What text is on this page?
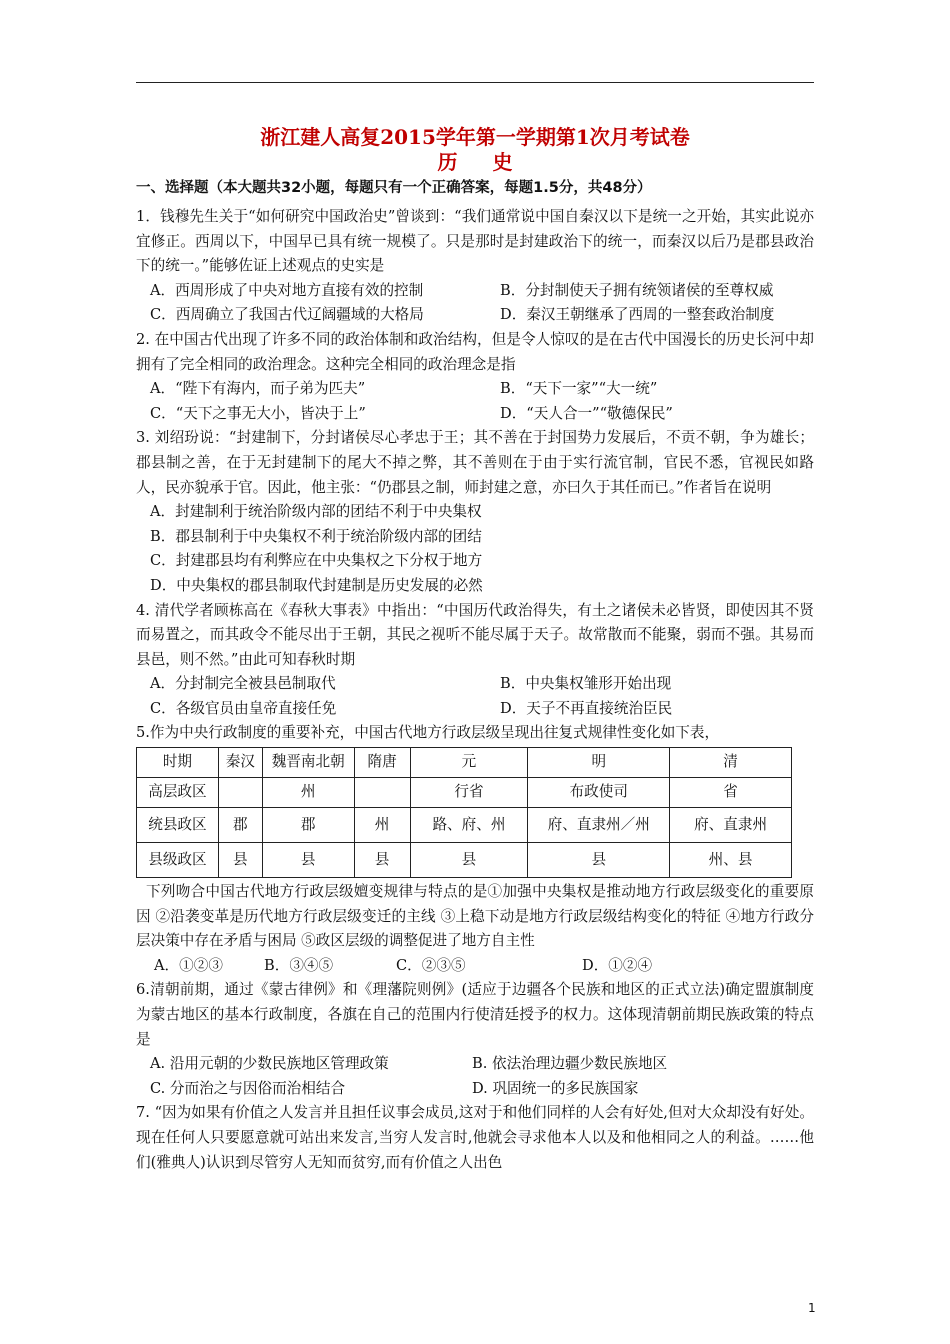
浙江建人高复2015学年第一学期第1次月考试卷
历 史
一、选择题（本大题共32小题，每题只有一个正确答案，每题1.5分，共48分）
1．钱穆先生关于“如何研究中国政治史”曾谈到：“我们通常说中国自秦汉以下是统一之开始，其实此说亦宜修正。西周以下，中国早已具有统一规模了。只是那时是封建政治下的统一，而秦汉以后乃是郡县政治下的统一。”能够佐证上述观点的史实是
A．西周形成了中央对地方直接有效的控制	B．分封制使天子拥有统领诸侯的至尊权威
C．西周确立了我国古代辽阔疆域的大格局	D．秦汉王朝继承了西周的一整套政治制度
2. 在中国古代出现了许多不同的政治体制和政治结构，但是令人惊叹的是在古代中国漫长的历史长河中却拥有了完全相同的政治理念。这种完全相同的政治理念是指
A．“陛下有海内，而子弟为匹夫”	B．“天下一家”“大一统”
C．“天下之事无大小，皆决于上”	D．“天人合一”“敬德保民”
3. 刘绍玢说：“封建制下，分封诸侯尽心孝忠于王；其不善在于封国势力发展后，不贡不朝，争为雄长；郡县制之善，在于无封建制下的尾大不掉之弊，其不善则在于由于实行流官制，官民不悉，官视民如路人，民亦貌承于官。因此，他主张：“仍郡县之制，师封建之意，亦曰久于其任而已。”作者旨在说明
A．封建制利于统治阶级内部的团结不利于中央集权
B．郡县制利于中央集权不利于统治阶级内部的团结
C．封建郡县均有利弊应在中央集权之下分权于地方
D．中央集权的郡县制取代封建制是历史发展的必然
4. 清代学者顾栋高在《春秋大事表》中指出：“中国历代政治得失，有土之诸侯未必皆贤，即使因其不贤而易置之，而其政令不能尽出于王朝，其民之视听不能尽属于天子。故常散而不能聚，弱而不强。其易而县邑，则不然。”由此可知春秋时期
A．分封制完全被县邑制取代	B．中央集权雏形开始出现
C．各级官员由皇帝直接任免	D．天子不再直接统治臣民
5.作为中央行政制度的重要补充，中国古代地方行政层级呈现出往复式规律性变化如下表，
时期	秦汉	魏晋南北朝	隋唐	元	明	清
高层政区		州		行省	布政使司	省
统县政区	郡	郡	州	路、府、州	府、直隶州／州	府、直隶州
县级政区	县	县	县	县	县	州、县
下列吻合中国古代地方行政层级嬗变规律与特点的是①加强中央集权是推动地方行政层级变化的重要原因 ②沿袭变革是历代地方行政层级变迁的主线 ③上稳下动是地方行政层级结构变化的特征 ④地方行政分层决策中存在矛盾与困局 ⑤政区层级的调整促进了地方自主性
A．①②③	B．③④⑤	C．②③⑤	D．①②④
6.清朝前期，通过《蒙古律例》和《理藩院则例》(适应于边疆各个民族和地区的正式立法)确定盟旗制度为蒙古地区的基本行政制度，各旗在自己的范围内行使清廷授予的权力。这体现清朝前期民族政策的特点是
A. 沿用元朝的少数民族地区管理政策	B. 依法治理边疆少数民族地区
C. 分而治之与因俗而治相结合	D. 巩固统一的多民族国家
7. “因为如果有价值之人发言并且担任议事会成员,这对于和他们同样的人会有好处,但对大众却没有好处。现在任何人只要愿意就可站出来发言,当穷人发言时,他就会寻求他本人以及和他相同之人的利益。……他们(雅典人)认识到尽管穷人无知而贫穷,而有价值之人出色
1
